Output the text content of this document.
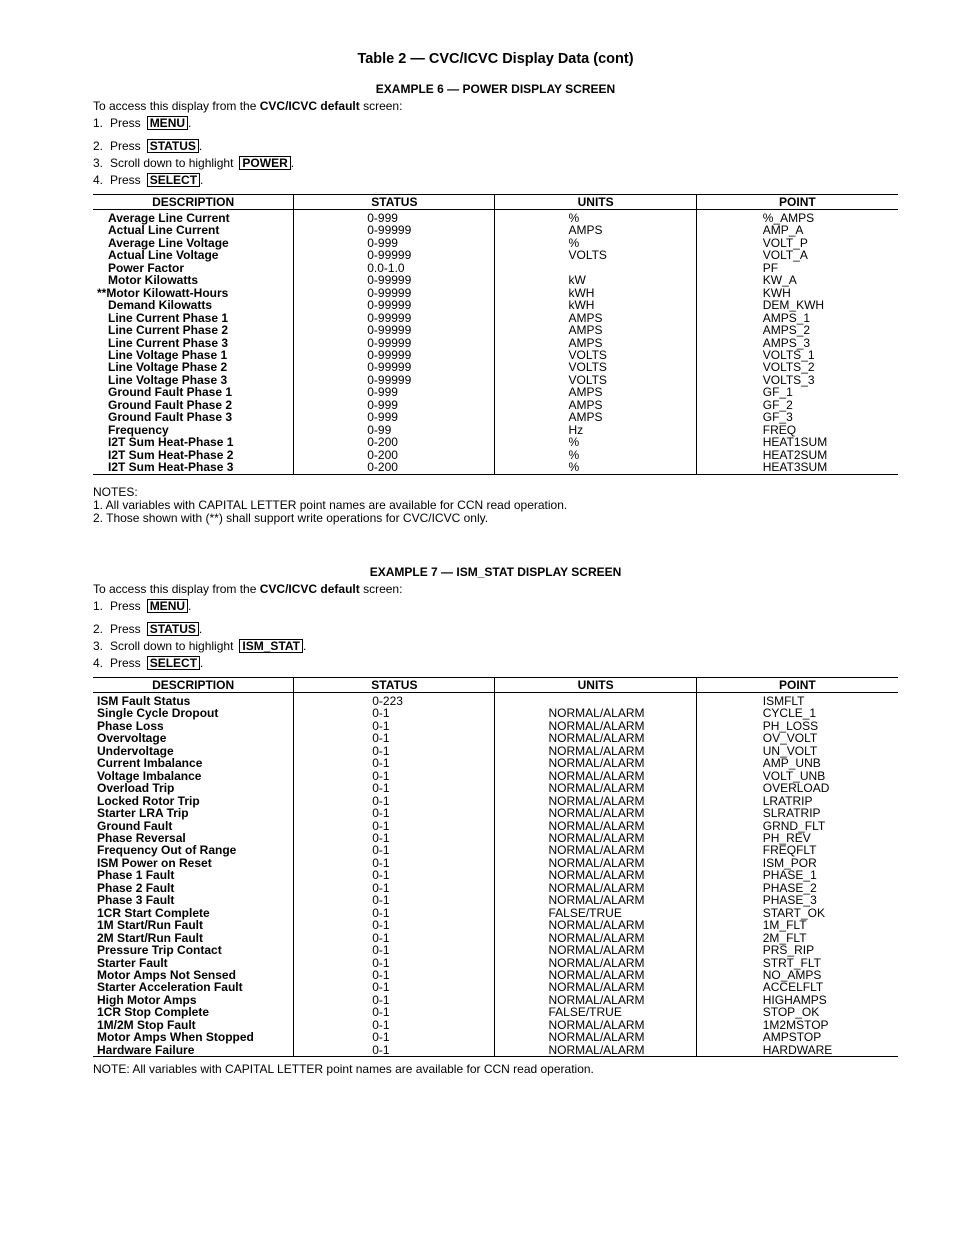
Table 2 — CVC/ICVC Display Data (cont)
EXAMPLE 6 — POWER DISPLAY SCREEN
To access this display from the CVC/ICVC default screen:
1. Press MENU .
2. Press STATUS .
3. Scroll down to highlight POWER .
4. Press SELECT .
DESCRIPTION	STATUS	UNITS	POINT
Average Line Current	0-999	%	%_AMPS
Actual Line Current	0-99999	AMPS	AMP_A
Average Line Voltage	0-999	%	VOLT_P
Actual Line Voltage	0-99999	VOLTS	VOLT_A
Power Factor	0.0-1.0		PF
Motor Kilowatts	0-99999	kW	KW_A
**Motor Kilowatt-Hours	0-99999	kWH	KWH
Demand Kilowatts	0-99999	kWH	DEM_KWH
Line Current Phase 1	0-99999	AMPS	AMPS_1
Line Current Phase 2	0-99999	AMPS	AMPS_2
Line Current Phase 3	0-99999	AMPS	AMPS_3
Line Voltage Phase 1	0-99999	VOLTS	VOLTS_1
Line Voltage Phase 2	0-99999	VOLTS	VOLTS_2
Line Voltage Phase 3	0-99999	VOLTS	VOLTS_3
Ground Fault Phase 1	0-999	AMPS	GF_1
Ground Fault Phase 2	0-999	AMPS	GF_2
Ground Fault Phase 3	0-999	AMPS	GF_3
Frequency	0-99	Hz	FREQ
I2T Sum Heat-Phase 1	0-200	%	HEAT1SUM
I2T Sum Heat-Phase 2	0-200	%	HEAT2SUM
I2T Sum Heat-Phase 3	0-200	%	HEAT3SUM
NOTES:
1. All variables with CAPITAL LETTER point names are available for CCN read operation.
2. Those shown with (**) shall support write operations for CVC/ICVC only.
EXAMPLE 7 — ISM_STAT DISPLAY SCREEN
To access this display from the CVC/ICVC default screen:
1. Press MENU .
2. Press STATUS .
3. Scroll down to highlight ISM_STAT .
4. Press SELECT .
DESCRIPTION	STATUS	UNITS	POINT
ISM Fault Status	0-223		ISMFLT
Single Cycle Dropout	0-1	NORMAL/ALARM	CYCLE_1
Phase Loss	0-1	NORMAL/ALARM	PH_LOSS
Overvoltage	0-1	NORMAL/ALARM	OV_VOLT
Undervoltage	0-1	NORMAL/ALARM	UN_VOLT
Current Imbalance	0-1	NORMAL/ALARM	AMP_UNB
Voltage Imbalance	0-1	NORMAL/ALARM	VOLT_UNB
Overload Trip	0-1	NORMAL/ALARM	OVERLOAD
Locked Rotor Trip	0-1	NORMAL/ALARM	LRATRIP
Starter LRA Trip	0-1	NORMAL/ALARM	SLRATRIP
Ground Fault	0-1	NORMAL/ALARM	GRND_FLT
Phase Reversal	0-1	NORMAL/ALARM	PH_REV
Frequency Out of Range	0-1	NORMAL/ALARM	FREQFLT
ISM Power on Reset	0-1	NORMAL/ALARM	ISM_POR
Phase 1 Fault	0-1	NORMAL/ALARM	PHASE_1
Phase 2 Fault	0-1	NORMAL/ALARM	PHASE_2
Phase 3 Fault	0-1	NORMAL/ALARM	PHASE_3
1CR Start Complete	0-1	FALSE/TRUE	START_OK
1M Start/Run Fault	0-1	NORMAL/ALARM	1M_FLT
2M Start/Run Fault	0-1	NORMAL/ALARM	2M_FLT
Pressure Trip Contact	0-1	NORMAL/ALARM	PRS_RIP
Starter Fault	0-1	NORMAL/ALARM	STRT_FLT
Motor Amps Not Sensed	0-1	NORMAL/ALARM	NO_AMPS
Starter Acceleration Fault	0-1	NORMAL/ALARM	ACCELFLT
High Motor Amps	0-1	NORMAL/ALARM	HIGHAMPS
1CR Stop Complete	0-1	FALSE/TRUE	STOP_OK
1M/2M Stop Fault	0-1	NORMAL/ALARM	1M2MSTOP
Motor Amps When Stopped	0-1	NORMAL/ALARM	AMPSTOP
Hardware Failure	0-1	NORMAL/ALARM	HARDWARE
NOTE: All variables with CAPITAL LETTER point names are available for CCN read operation.
